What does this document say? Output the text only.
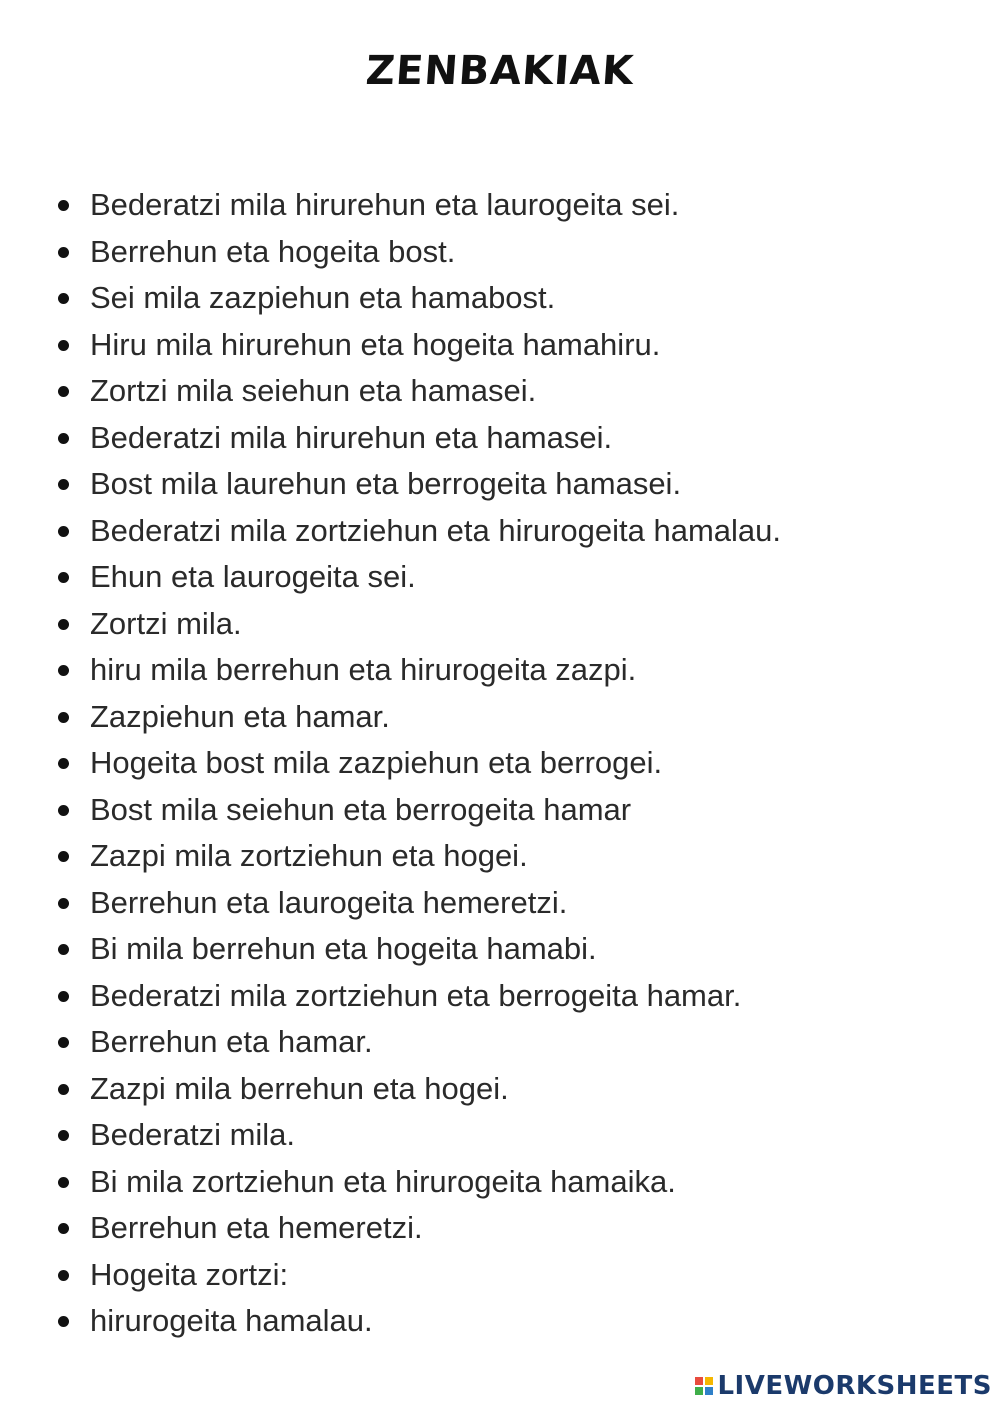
ZENBAKIAK
Bederatzi mila hirurehun eta laurogeita sei.
Berrehun eta hogeita bost.
Sei mila zazpiehun eta hamabost.
Hiru mila hirurehun eta hogeita hamahiru.
Zortzi mila seiehun eta hamasei.
Bederatzi mila hirurehun eta hamasei.
Bost mila laurehun eta berrogeita hamasei.
Bederatzi mila zortziehun eta hirurogeita hamalau.
Ehun eta laurogeita sei.
Zortzi mila.
hiru mila berrehun eta hirurogeita zazpi.
Zazpiehun eta hamar.
Hogeita bost mila zazpiehun eta berrogei.
Bost mila seiehun eta berrogeita hamar
Zazpi mila zortziehun eta hogei.
Berrehun eta laurogeita hemeretzi.
Bi mila berrehun eta hogeita hamabi.
Bederatzi mila zortziehun eta berrogeita hamar.
Berrehun eta hamar.
Zazpi mila berrehun eta hogei.
Bederatzi mila.
Bi mila zortziehun eta hirurogeita hamaika.
Berrehun eta hemeretzi.
Hogeita zortzi:
hirurogeita hamalau.
LIVEWORKSHEETS
